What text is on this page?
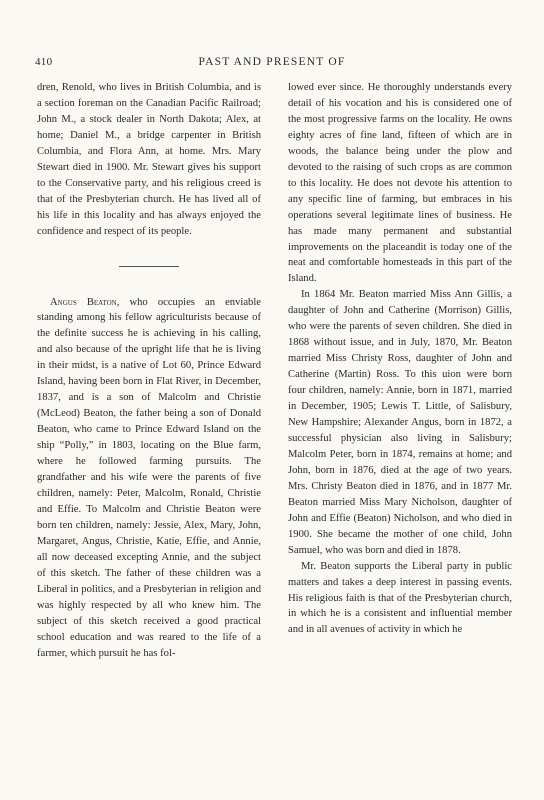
410	PAST AND PRESENT OF

dren, Renold, who lives in British Columbia, and is a section foreman on the Canadian Pacific Railroad; John M., a stock dealer in North Dakota; Alex, at home; Daniel M., a bridge carpenter in British Columbia, and Flora Ann, at home. Mrs. Mary Stewart died in 1900. Mr. Stewart gives his support to the Conservative party, and his religious creed is that of the Presbyterian church. He has lived all of his life in this locality and has always enjoyed the confidence and respect of its people.

Angus Beaton, who occupies an enviable standing among his fellow agriculturists because of the definite success he is achieving in his calling, and also because of the upright life that he is living in their midst, is a native of Lot 60, Prince Edward Island, having been born in Flat River, in December, 1837, and is a son of Malcolm and Christie (McLeod) Beaton, the father being a son of Donald Beaton, who came to Prince Edward Island on the ship “Polly,” in 1803, locating on the Blue farm, where he followed farming pursuits. The grandfather and his wife were the parents of five children, namely: Peter, Malcolm, Ronald, Christie and Effie. To Malcolm and Christie Beaton were born ten children, namely: Jessie, Alex, Mary, John, Margaret, Angus, Christie, Katie, Effie, and Annie, all now deceased excepting Annie, and the subject of this sketch. The father of these children was a Liberal in politics, and a Presbyterian in religion and was highly respected by all who knew him. The subject of this sketch received a good practical school education and was reared to the life of a farmer, which pursuit he has fol-

lowed ever since. He thoroughly understands every detail of his vocation and his is considered one of the most progressive farms on the locality. He owns eighty acres of fine land, fifteen of which are in woods, the balance being under the plow and devoted to the raising of such crops as are common to this locality. He does not devote his attention to any specific line of farming, but embraces in his operations several legitimate lines of business. He has made many permanent and substantial improvements on the placeandit is today one of the neat and comfortable homesteads in this part of the Island.

In 1864 Mr. Beaton married Miss Ann Gillis, a daughter of John and Catherine (Morrison) Gillis, who were the parents of seven children. She died in 1868 without issue, and in July, 1870, Mr. Beaton married Miss Christy Ross, daughter of John and Catherine (Martin) Ross. To this uion were born four children, namely: Annie, born in 1871, married in December, 1905; Lewis T. Little, of Salisbury, New Hampshire; Alexander Angus, born in 1872, a successful physician also living in Salisbury; Malcolm Peter, born in 1874, remains at home; and John, born in 1876, died at the age of two years. Mrs. Christy Beaton died in 1876, and in 1877 Mr. Beaton married Miss Mary Nicholson, daughter of John and Effie (Beaton) Nicholson, and who died in 1900. She became the mother of one child, John Samuel, who was born and died in 1878.

Mr. Beaton supports the Liberal party in public matters and takes a deep interest in passing events. His religious faith is that of the Presbyterian church, in which he is a consistent and influential member and in all avenues of activity in which he
